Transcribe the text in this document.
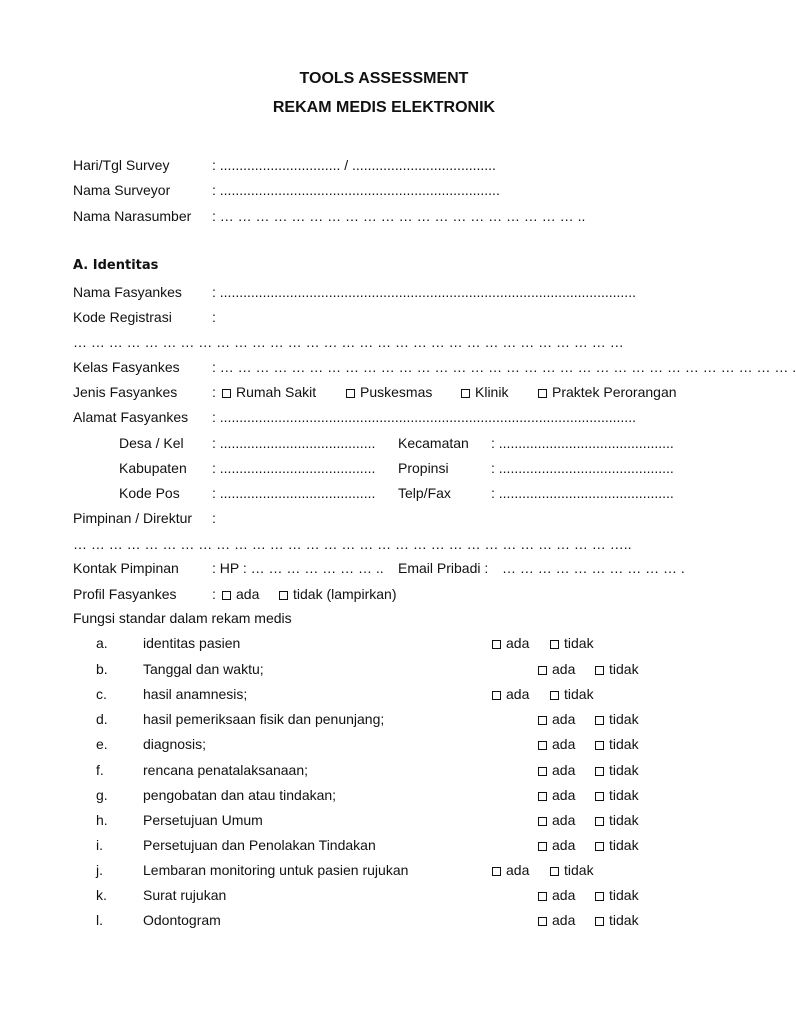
TOOLS ASSESSMENT
REKAM MEDIS ELEKTRONIK
Hari/Tgl Survey	: ............................... / .....................................
Nama Surveyor	: ........................................................................
Nama Narasumber : … … … … … … … … … … … … … … … … … … … … ..
A. Identitas
Nama Fasyankes : ...........................................................................................................
Kode Registrasi	:
… … … … … … … … … … … … … … … … … … … … … … … … … … … … … … …
Kelas Fasyankes : … … … … … … … … … … … … … … … … … … … … … … … … … … … … … … … … .
Jenis Fasyankes :	Rumah Sakit	Puskesmas	Klinik	Praktek Perorangan
Alamat Fasyankes : ...........................................................................................................
Desa / Kel : ........................................ Kecamatan : .............................................
Kabupaten : ........................................ Propinsi	: .............................................
Kode Pos : ........................................ Telp/Fax	: .............................................
Pimpinan / Direktur :
… … … … … … … … … … … … … … … … … … … … … … … … … … … … … … …..
Kontak Pimpinan : HP : … … … … … … … .. Email Pribadi : … … … … … … … … … … .
Profil Fasyankes	:	ada	tidak (lampirkan)
Fungsi standar dalam rekam medis
a.	identitas pasien	ada	tidak
b.	Tanggal dan waktu;	ada	tidak
c.	hasil anamnesis;	ada	tidak
d.	hasil pemeriksaan fisik dan penunjang;	ada	tidak
e.	diagnosis;	ada	tidak
f.	rencana penatalaksanaan;	ada	tidak
g.	pengobatan dan atau tindakan;	ada	tidak
h.	Persetujuan Umum	ada	tidak
i.	Persetujuan dan Penolakan Tindakan	ada	tidak
j.	Lembaran monitoring untuk pasien rujukan	ada	tidak
k.	Surat rujukan	ada	tidak
l.	Odontogram	ada	tidak
